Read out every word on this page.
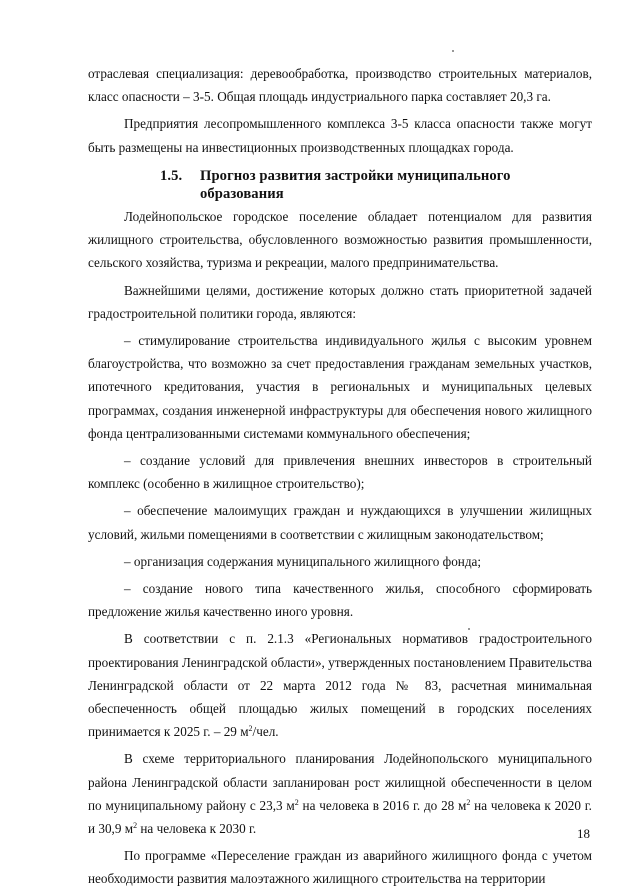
отраслевая специализация: деревообработка, производство строительных материалов, класс опасности – 3-5. Общая площадь индустриального парка составляет 20,3 га.

Предприятия лесопромышленного комплекса 3-5 класса опасности также могут быть размещены на инвестиционных производственных площадках города.

1.5. Прогноз развития застройки муниципального
образования

Лодейнопольское городское поселение обладает потенциалом для развития жилищного строительства, обусловленного возможностью развития промышленности, сельского хозяйства, туризма и рекреации, малого предпринимательства.

Важнейшими целями, достижение которых должно стать приоритетной задачей градостроительной политики города, являются:

– стимулирование строительства индивидуального жилья с высоким уровнем благоустройства, что возможно за счет предоставления гражданам земельных участков, ипотечного кредитования, участия в региональных и муниципальных целевых программах, создания инженерной инфраструктуры для обеспечения нового жилищного фонда централизованными системами коммунального обеспечения;

– создание условий для привлечения внешних инвесторов в строительный комплекс (особенно в жилищное строительство);

– обеспечение малоимущих граждан и нуждающихся в улучшении жилищных условий, жильми помещениями в соответствии с жилищным законодательством;

– организация содержания муниципального жилищного фонда;

– создание нового типа качественного жилья, способного сформировать предложение жилья качественно иного уровня.

В соответствии с п. 2.1.3 «Региональных нормативов градостроительного проектирования Ленинградской области», утвержденных постановлением Правительства Ленинградской области от 22 марта 2012 года № 83, расчетная минимальная обеспеченность общей площадью жилых помещений в городских поселениях принимается к 2025 г. – 29 $м^2$/чел.

В схеме территориального планирования Лодейнопольского муниципального района Ленинградской области запланирован рост жилищной обеспеченности в целом по муниципальному району с 23,3 $м^2$ на человека в 2016 г. до 28 $м^2$ на человека к 2020 г. и 30,9 $м^2$ на человека к 2030 г.

По программе «Переселение граждан из аварийного жилищного фонда с учетом необходимости развития малоэтажного жилищного строительства на территории

18
